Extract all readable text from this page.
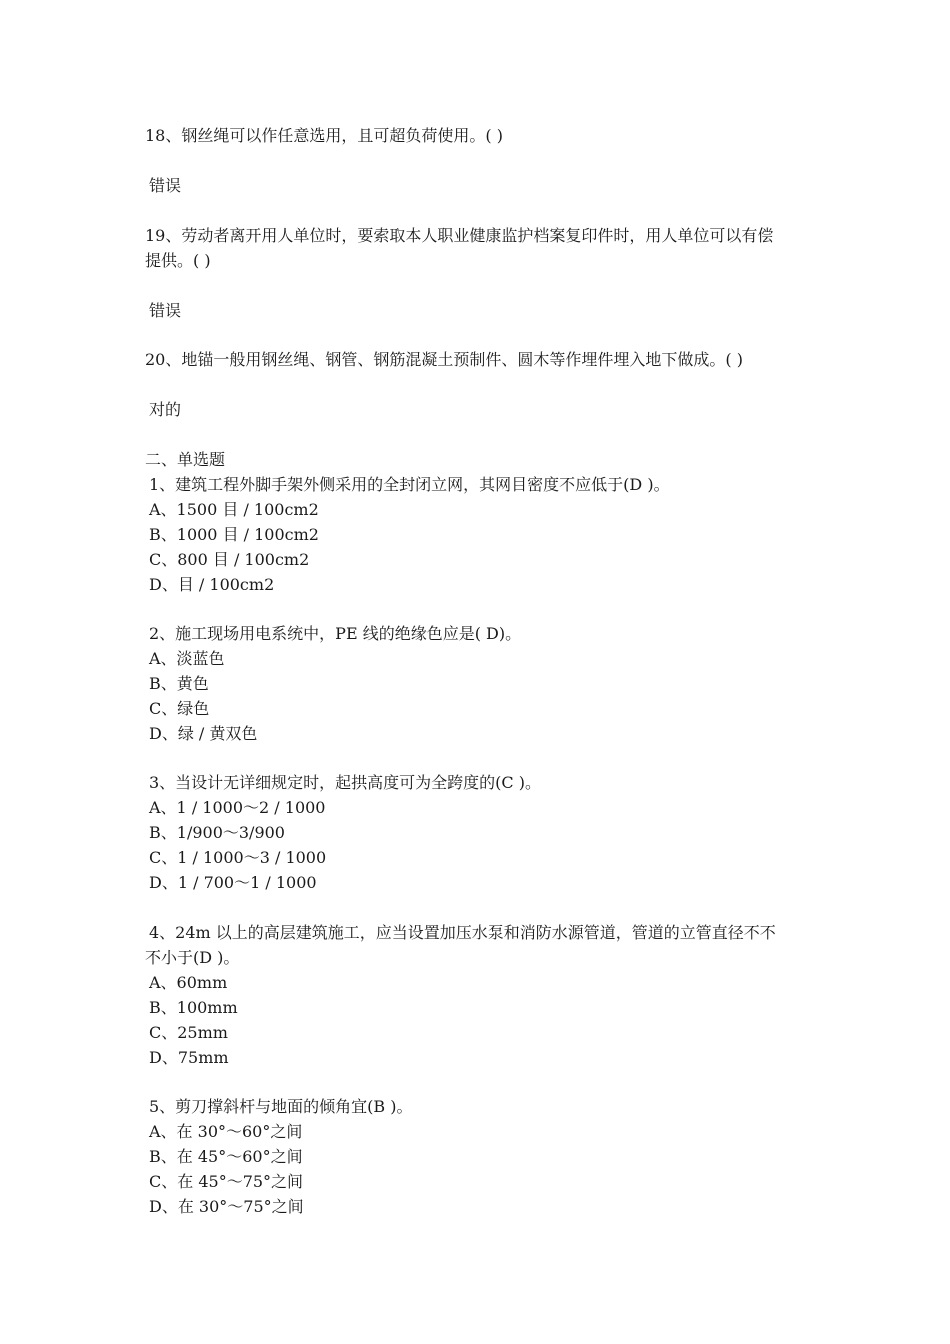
18、钢丝绳可以作任意选用，且可超负荷使用。( )
错误
19、劳动者离开用人单位时，要索取本人职业健康监护档案复印件时，用人单位可以有偿
提供。( )
错误
20、地锚一般用钢丝绳、钢管、钢筋混凝土预制件、圆木等作埋件埋入地下做成。( )
对的
二、单选题
1、建筑工程外脚手架外侧采用的全封闭立网，其网目密度不应低于(D )。
A、1500 目 / 100cm2
B、1000 目 / 100cm2
C、800 目 / 100cm2
D、目 / 100cm2
2、施工现场用电系统中，PE 线的绝缘色应是( D)。
A、淡蓝色
B、黄色
C、绿色
D、绿 / 黄双色
3、当设计无详细规定时，起拱高度可为全跨度的(C )。
A、1 / 1000～2 / 1000
B、1/900～3/900
C、1 / 1000～3 / 1000
D、1 / 700～1 / 1000
4、24m 以上的高层建筑施工，应当设置加压水泵和消防水源管道，管道的立管直径不不
不小于(D )。
A、60mm
B、100mm
C、25mm
D、75mm
5、剪刀撑斜杆与地面的倾角宜(B )。
A、在 30°～60°之间
B、在 45°～60°之间
C、在 45°～75°之间
D、在 30°～75°之间
